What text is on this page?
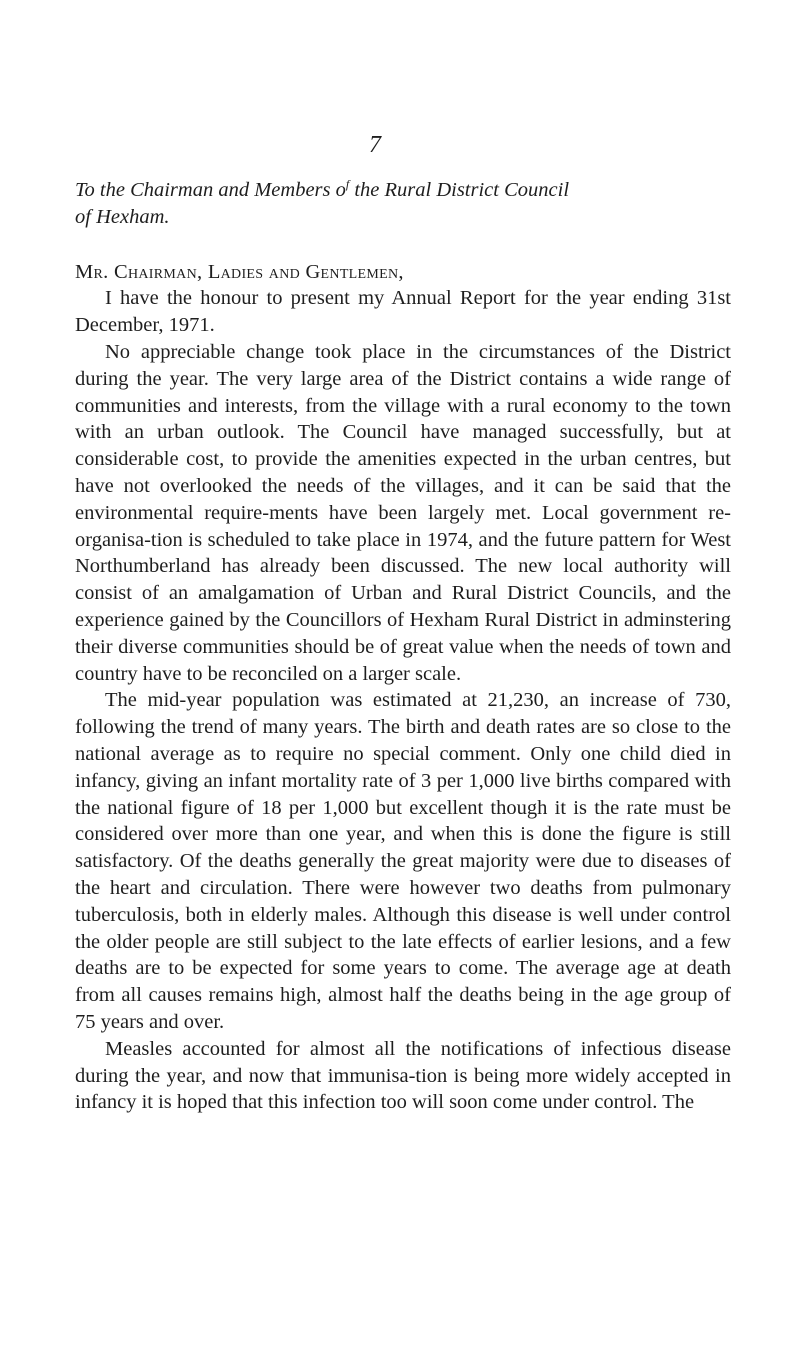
7

To the Chairman and Members $o^f$ the Rural District Council
of Hexham.

Mr. Chairman, Ladies and Gentlemen,

I have the honour to present my Annual Report for the year ending 31st December, 1971.

No appreciable change took place in the circumstances of the District during the year. The very large area of the District contains a wide range of communities and interests, from the village with a rural economy to the town with an urban outlook. The Council have managed successfully, but at considerable cost, to provide the amenities expected in the urban centres, but have not overlooked the needs of the villages, and it can be said that the environmental require-ments have been largely met. Local government re-organisa-tion is scheduled to take place in 1974, and the future pattern for West Northumberland has already been discussed. The new local authority will consist of an amalgamation of Urban and Rural District Councils, and the experience gained by the Councillors of Hexham Rural District in adminstering their diverse communities should be of great value when the needs of town and country have to be reconciled on a larger scale.

The mid-year population was estimated at 21,230, an increase of 730, following the trend of many years. The birth and death rates are so close to the national average as to require no special comment. Only one child died in infancy, giving an infant mortality rate of 3 per 1,000 live births compared with the national figure of 18 per 1,000 but excellent though it is the rate must be considered over more than one year, and when this is done the figure is still satisfactory. Of the deaths generally the great majority were due to diseases of the heart and circulation. There were however two deaths from pulmonary tuberculosis, both in elderly males. Although this disease is well under control the older people are still subject to the late effects of earlier lesions, and a few deaths are to be expected for some years to come. The average age at death from all causes remains high, almost half the deaths being in the age group of 75 years and over.

Measles accounted for almost all the notifications of infectious disease during the year, and now that immunisa-tion is being more widely accepted in infancy it is hoped that this infection too will soon come under control. The
